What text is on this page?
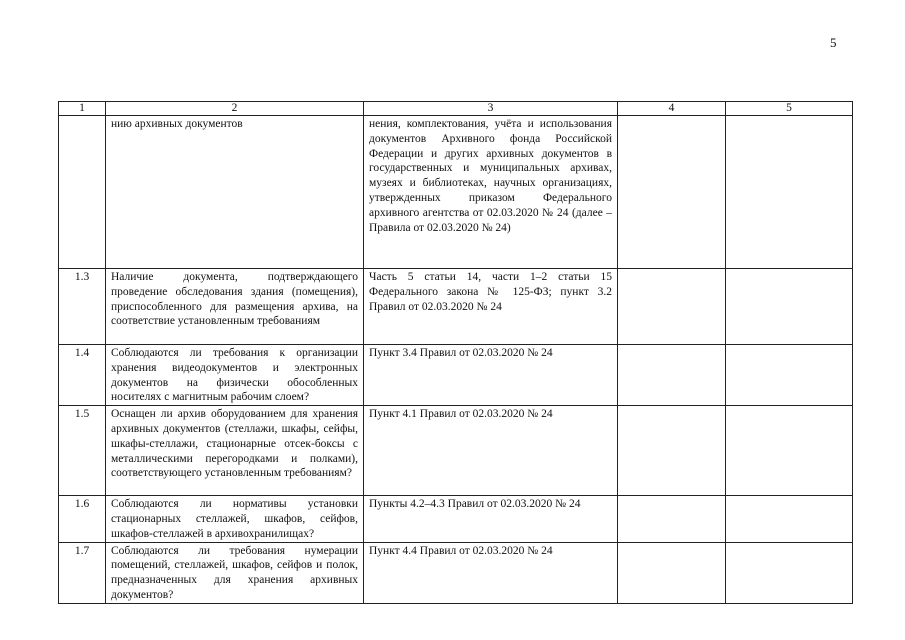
5
1	2	3	4	5
	нию архивных документов	нения, комплектования, учёта и использования документов Архивного фонда Российской Федерации и других архивных документов в государственных и муниципальных архивах, музеях и библиотеках, научных организациях, утвержденных приказом Федерального архивного агентства от 02.03.2020 № 24 (далее – Правила от 02.03.2020 № 24)		
1.3	Наличие документа, подтверждающего проведение обследования здания (помещения), приспособленного для размещения архива, на соответствие установленным требованиям	Часть 5 статьи 14, части 1–2 статьи 15 Федерального закона № 125-ФЗ; пункт 3.2 Правил от 02.03.2020 № 24		
1.4	Соблюдаются ли требования к организации хранения видеодокументов и электронных документов на физически обособленных носителях с магнитным рабочим слоем?	Пункт 3.4 Правил от 02.03.2020 № 24		
1.5	Оснащен ли архив оборудованием для хранения архивных документов (стеллажи, шкафы, сейфы, шкафы-стеллажи, стационарные отсек-боксы с металлическими перегородками и полками), соответствующего установленным требованиям?	Пункт 4.1 Правил от 02.03.2020 № 24		
1.6	Соблюдаются ли нормативы установки стационарных стеллажей, шкафов, сейфов, шкафов-стеллажей в архивохранилищах?	Пункты 4.2–4.3 Правил от 02.03.2020 № 24		
1.7	Соблюдаются ли требования нумерации помещений, стеллажей, шкафов, сейфов и полок, предназначенных для хранения архивных документов?	Пункт 4.4 Правил от 02.03.2020 № 24		
